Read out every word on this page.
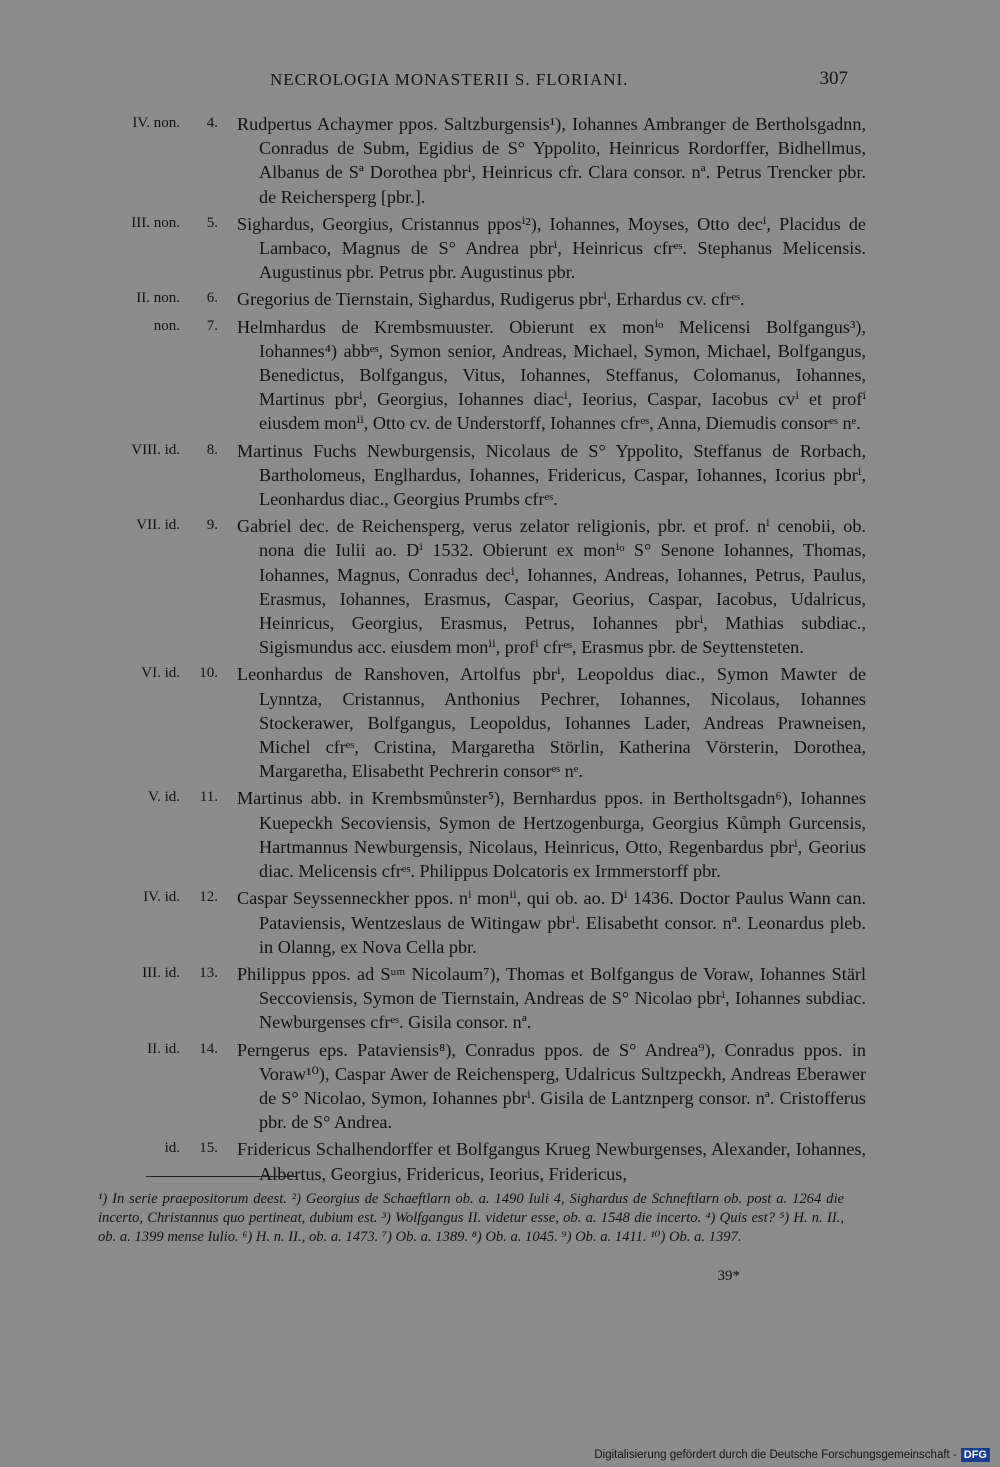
NECROLOGIA MONASTERII S. FLORIANI.	307
IV. non.	4. Rudpertus Achaymer ppos. Saltzburgensis¹), Iohannes Ambranger de Bertholsgadnn, Conradus de Subm, Egidius de S° Yppolito, Heinricus Rordorffer, Bidhellmus, Albanus de Sª Dorothea pbrⁱ, Heinricus cfr. Clara consor. nª. Petrus Trencker pbr. de Reichersperg [pbr.].
III. non.	5. Sighardus, Georgius, Cristannus pposⁱ²), Iohannes, Moyses, Otto decⁱ, Placidus de Lambaco, Magnus de S° Andrea pbrⁱ, Heinricus cfrᵉˢ. Stephanus Melicensis. Augustinus pbr. Petrus pbr. Augustinus pbr.
II. non.	6. Gregorius de Tiernstain, Sighardus, Rudigerus pbrⁱ, Erhardus cv. cfrᵉˢ.
non.	7. Helmhardus de Krembsmuuster. Obierunt ex monⁱᵒ Melicensi Bolfgangus³), Iohannes⁴) abbᵉˢ, Symon senior, Andreas, Michael, Symon, Michael, Bolfgangus, Benedictus, Bolfgangus, Vitus, Iohannes, Steffanus, Colomanus, Iohannes, Martinus pbrⁱ, Georgius, Iohannes diacⁱ, Ieorius, Caspar, Iacobus cvⁱ et profⁱ eiusdem monⁱⁱ, Otto cv. de Understorff, Iohannes cfrᵉˢ, Anna, Diemudis consorᵉˢ nᵉ.
VIII. id.	8. Martinus Fuchs Newburgensis, Nicolaus de S° Yppolito, Steffanus de Rorbach, Bartholomeus, Englhardus, Iohannes, Fridericus, Caspar, Iohannes, Icorius pbrⁱ, Leonhardus diac., Georgius Prumbs cfrᵉˢ.
VII. id.	9. Gabriel dec. de Reichensperg, verus zelator religionis, pbr. et prof. nⁱ cenobii, ob. nona die Iulii ao. Dⁱ 1532. Obierunt ex monⁱᵒ S° Senone Iohannes, Thomas, Iohannes, Magnus, Conradus decⁱ, Iohannes, Andreas, Iohannes, Petrus, Paulus, Erasmus, Iohannes, Erasmus, Caspar, Georius, Caspar, Iacobus, Udalricus, Heinricus, Georgius, Erasmus, Petrus, Iohannes pbrⁱ, Mathias subdiac., Sigismundus acc. eiusdem monⁱⁱ, profⁱ cfrᵉˢ, Erasmus pbr. de Seyttensteten.
VI. id.	10. Leonhardus de Ranshoven, Artolfus pbrⁱ, Leopoldus diac., Symon Mawter de Lynntza, Cristannus, Anthonius Pechrer, Iohannes, Nicolaus, Iohannes Stockerawer, Bolfgangus, Leopoldus, Iohannes Lader, Andreas Prawneisen, Michel cfrᵉˢ, Cristina, Margaretha Störlin, Katherina Vörsterin, Dorothea, Margaretha, Elisabetht Pechrerin consorᵉˢ nᵉ.
V. id.	11. Martinus abb. in Krembsmůnster⁵), Bernhardus ppos. in Bertholtsgadn⁶), Iohannes Kuepeckh Secoviensis, Symon de Hertzogenburga, Georgius Kůmph Gurcensis, Hartmannus Newburgensis, Nicolaus, Heinricus, Otto, Regenbardus pbrⁱ, Georius diac. Melicensis cfrᵉˢ. Philippus Dolcatoris ex Irmmerstorff pbr.
IV. id.	12. Caspar Seyssenneckher ppos. nⁱ monⁱⁱ, qui ob. ao. Dⁱ 1436. Doctor Paulus Wann can. Pataviensis, Wentzeslaus de Witingaw pbrⁱ. Elisabetht consor. nª. Leonardus pleb. in Olanng, ex Nova Cella pbr.
III. id.	13. Philippus ppos. ad Sᵘᵐ Nicolaum⁷), Thomas et Bolfgangus de Voraw, Iohannes Stärl Seccoviensis, Symon de Tiernstain, Andreas de S° Nicolao pbrⁱ, Iohannes subdiac. Newburgenses cfrᵉˢ. Gisila consor. nª.
II. id.	14. Perngerus eps. Pataviensis⁸), Conradus ppos. de S° Andrea⁹), Conradus ppos. in Voraw¹⁰), Caspar Awer de Reichensperg, Udalricus Sultzpeckh, Andreas Eberawer de S° Nicolao, Symon, Iohannes pbrⁱ. Gisila de Lantznperg consor. nª. Cristofferus pbr. de S° Andrea.
id.	15. Fridericus Schalhendorffer et Bolfgangus Krueg Newburgenses, Alexander, Iohannes, Albertus, Georgius, Fridericus, Ieorius, Fridericus,
¹) In serie praepositorum deest. ²) Georgius de Schaeftlarn ob. a. 1490 Iuli 4, Sighardus de Schneftlarn ob. post a. 1264 die incerto, Christannus quo pertineat, dubium est. ³) Wolfgangus II. videtur esse, ob. a. 1548 die incerto. ⁴) Quis est? ⁵) H. n. II., ob. a. 1399 mense Iulio. ⁶) H. n. II., ob. a. 1473. ⁷) Ob. a. 1389. ⁸) Ob. a. 1045. ⁹) Ob. a. 1411. ¹⁰) Ob. a. 1397.
39*
Digitalisierung gefördert durch die Deutsche Forschungsgemeinschaft - DFG
